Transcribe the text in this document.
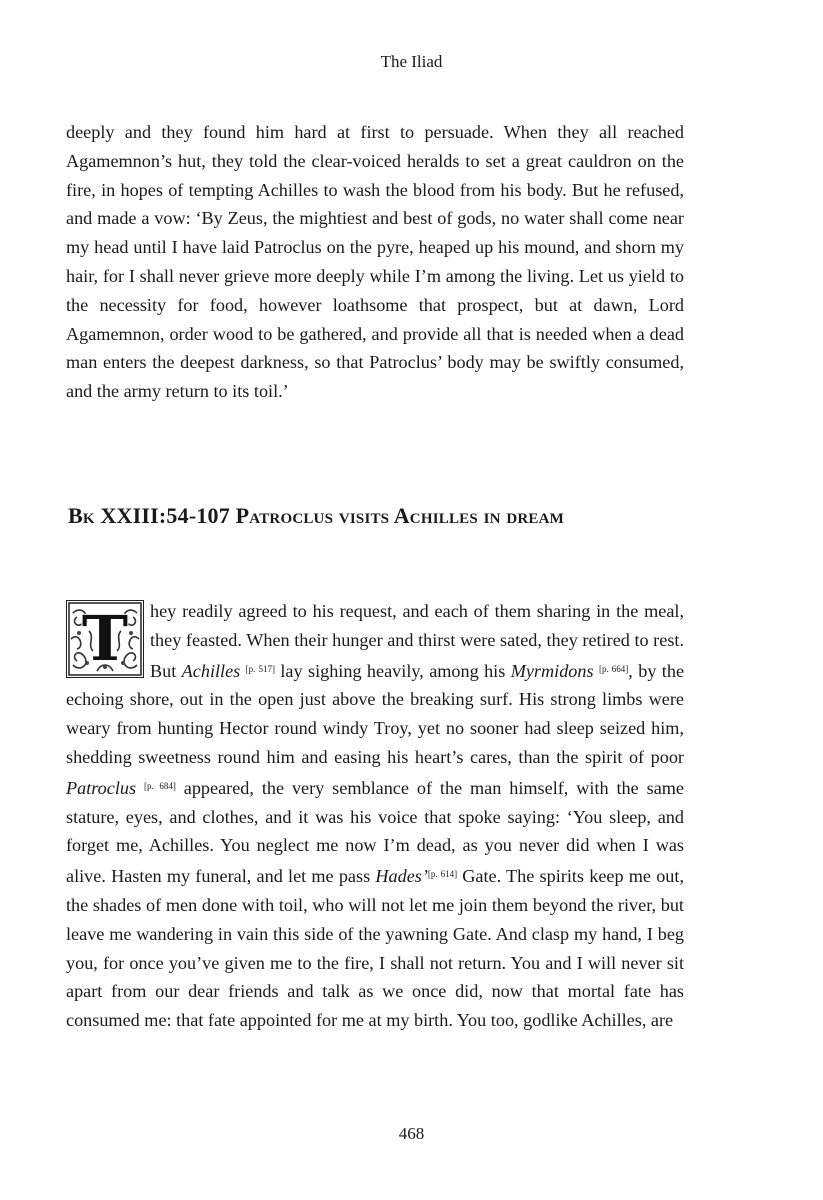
The Iliad

deeply and they found him hard at first to persuade. When they all reached Agamemnon’s hut, they told the clear-voiced heralds to set a great cauldron on the fire, in hopes of tempting Achilles to wash the blood from his body. But he refused, and made a vow: ‘By Zeus, the mightiest and best of gods, no water shall come near my head until I have laid Patroclus on the pyre, heaped up his mound, and shorn my hair, for I shall never grieve more deeply while I’m among the living. Let us yield to the necessity for food, however loathsome that prospect, but at dawn, Lord Agamemnon, order wood to be gathered, and provide all that is needed when a dead man enters the deepest darkness, so that Patroclus’ body may be swiftly consumed, and the army return to its toil.’

Bk XXIII:54-107 Patroclus visits Achilles in dream

T	hey readily agreed to his request, and each of them sharing in the meal, they feasted. When their hunger and thirst were sated, they retired to rest. But Achilles [p. 517] lay sighing heavily, among his Myrmidons [p. 664], by the echoing shore, out in the open just above the breaking surf. His strong limbs were weary from hunting Hector round windy Troy, yet no sooner had sleep seized him, shedding sweetness round him and easing his heart’s cares, than the spirit of poor Patroclus [p. 684] appeared, the very semblance of the man himself, with the same stature, eyes, and clothes, and it was his voice that spoke saying: ‘You sleep, and forget me, Achilles. You neglect me now I’m dead, as you never did when I was alive. Hasten my funeral, and let me pass Hades’[p. 614] Gate. The spirits keep me out, the shades of men done with toil, who will not let me join them beyond the river, but leave me wandering in vain this side of the yawning Gate. And clasp my hand, I beg you, for once you’ve given me to the fire, I shall not return. You and I will never sit apart from our dear friends and talk as we once did, now that mortal fate has consumed me: that fate appointed for me at my birth. You too, godlike Achilles, are

468
